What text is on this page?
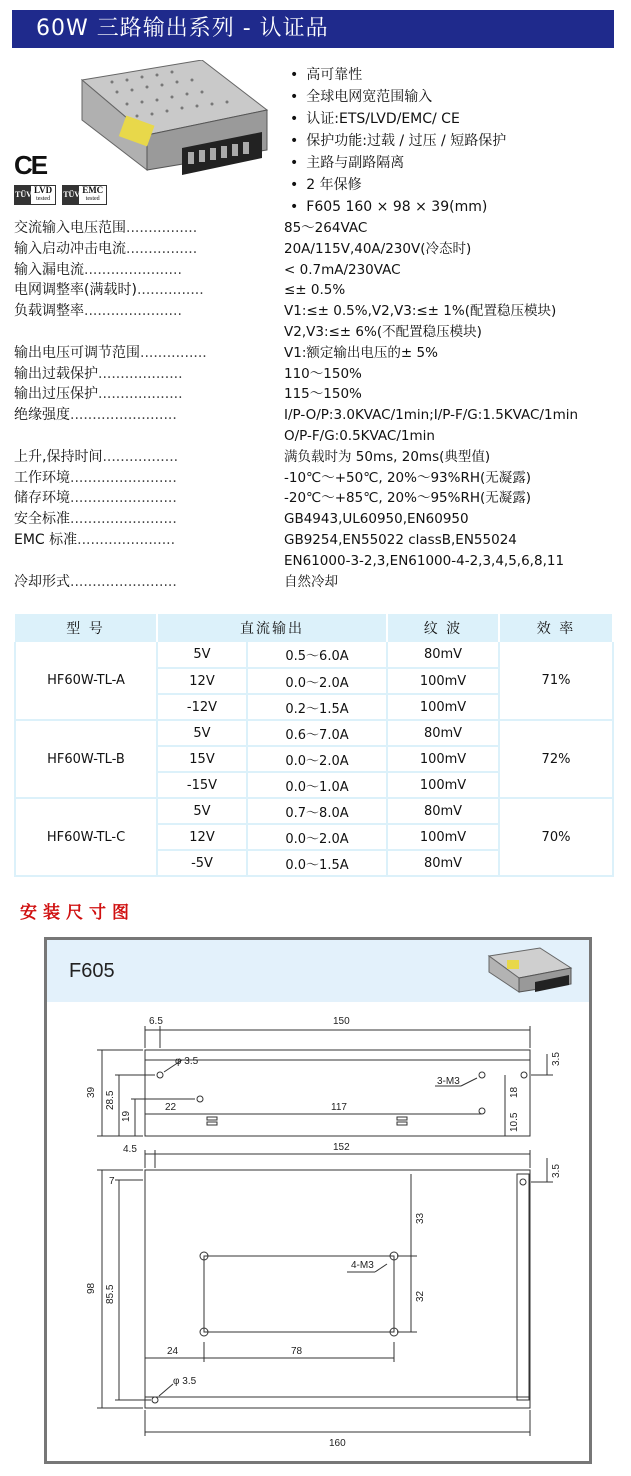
60W 三路输出系列 - 认证品
CE
TÜV LVD
tested TÜV EMC
tested
• 高可靠性
• 全球电网宽范围输入
• 认证:ETS/LVD/EMC/ CE
• 保护功能:过载 / 过压 / 短路保护
• 主路与副路隔离
• 2 年保修
• F605 160 × 98 × 39(mm)
交流输入电压范围................	85～264VAC
输入启动冲击电流................	20A/115V,40A/230V(冷态时)
输入漏电流......................	< 0.7mA/230VAC
电网调整率(满载时)...............	≤± 0.5%
负载调整率......................	V1:≤± 0.5%,V2,V3:≤± 1%(配置稳压模块)
V2,V3:≤± 6%(不配置稳压模块)
输出电压可调节范围...............	V1:额定输出电压的± 5%
输出过载保护...................	110～150%
输出过压保护...................	115～150%
绝缘强度........................	I/P-O/P:3.0KVAC/1min;I/P-F/G:1.5KVAC/1min
O/P-F/G:0.5KVAC/1min
上升,保持时间.................	满负载时为 50ms, 20ms(典型值)
工作环境........................	-10℃～+50℃, 20%～93%RH(无凝露)
储存环境........................	-20℃～+85℃, 20%～95%RH(无凝露)
安全标准........................	GB4943,UL60950,EN60950
EMC 标准......................	GB9254,EN55022 classB,EN55024
EN61000-3-2,3,EN61000-4-2,3,4,5,6,8,11
冷却形式........................	自然冷却
型 号	直流输出		纹 波	效 率
HF60W-TL-A	5V	0.5～6.0A	80mV	71%
	12V	0.0～2.0A	100mV	
	-12V	0.2～1.5A	100mV	
HF60W-TL-B	5V	0.6～7.0A	80mV	72%
	15V	0.0～2.0A	100mV	
	-15V	0.0～1.0A	100mV	
HF60W-TL-C	5V	0.7～8.0A	80mV	70%
	12V	0.0～2.0A	100mV	
	-5V	0.0～1.5A	80mV	
安装尺寸图
F605
6.5	150
3.5
φ 3.5
3-M3
39 28.5
19
22	117
18
10.5
4.5	152
3.5
7
33
4-M3
98 85.5	32
24	78
φ 3.5
160
